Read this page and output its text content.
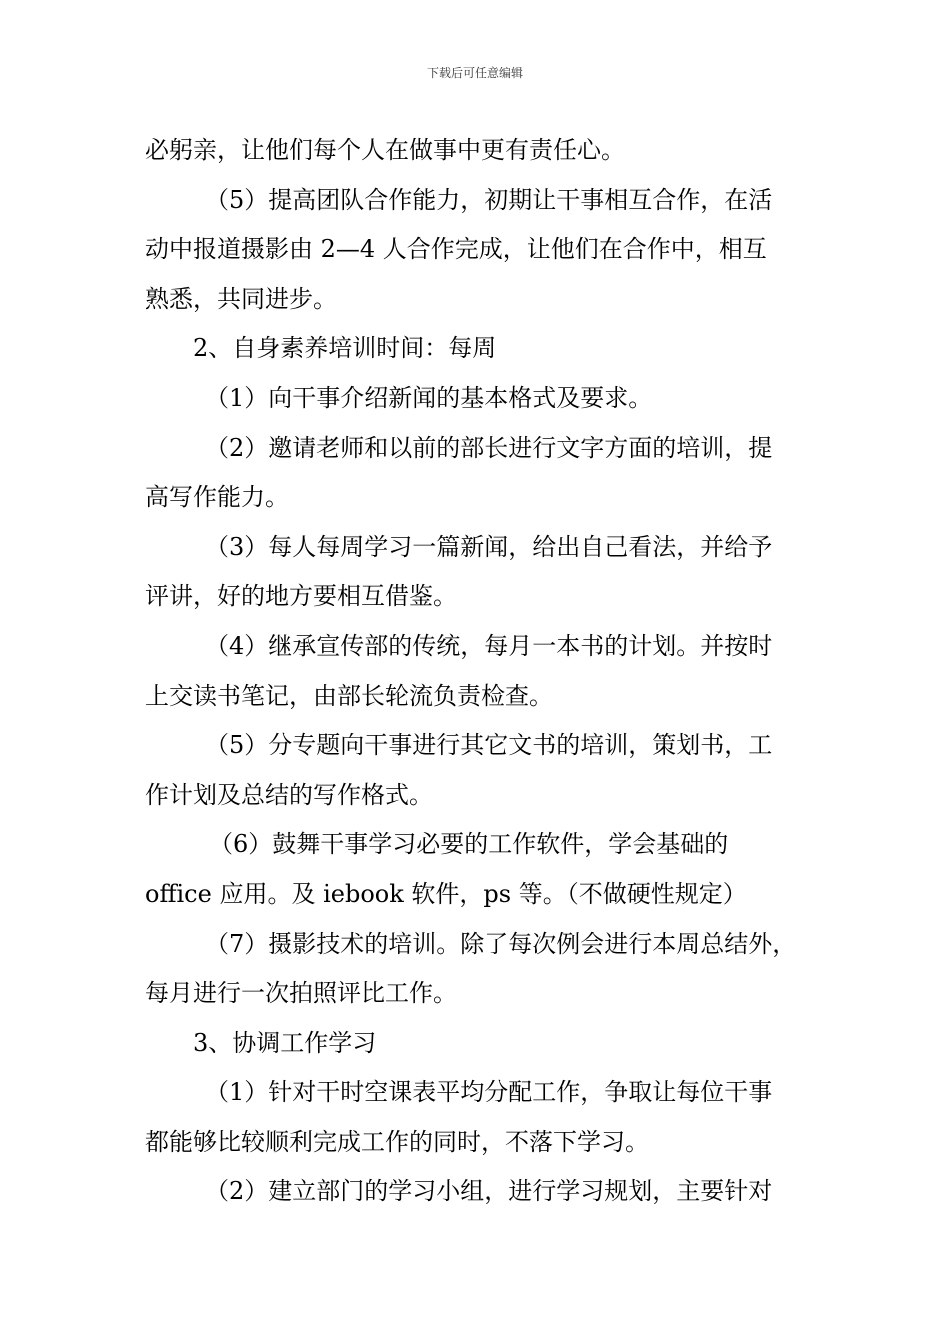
下载后可任意编辑

必躬亲，让他们每个人在做事中更有责任心。

（5）提高团队合作能力，初期让干事相互合作，在活

动中报道摄影由 2—4 人合作完成，让他们在合作中，相互

熟悉，共同进步。

2、自身素养培训时间：每周

（1）向干事介绍新闻的基本格式及要求。

（2）邀请老师和以前的部长进行文字方面的培训，提

高写作能力。

（3）每人每周学习一篇新闻，给出自己看法，并给予

评讲，好的地方要相互借鉴。

（4）继承宣传部的传统，每月一本书的计划。并按时

上交读书笔记，由部长轮流负责检查。

（5）分专题向干事进行其它文书的培训，策划书，工

作计划及总结的写作格式。

（6）鼓舞干事学习必要的工作软件，学会基础的

office 应用。及 iebook 软件，ps 等。（不做硬性规定）

（7）摄影技术的培训。除了每次例会进行本周总结外，

每月进行一次拍照评比工作。

3、协调工作学习

（1）针对干时空课表平均分配工作，争取让每位干事

都能够比较顺利完成工作的同时，不落下学习。

（2）建立部门的学习小组，进行学习规划，主要针对
